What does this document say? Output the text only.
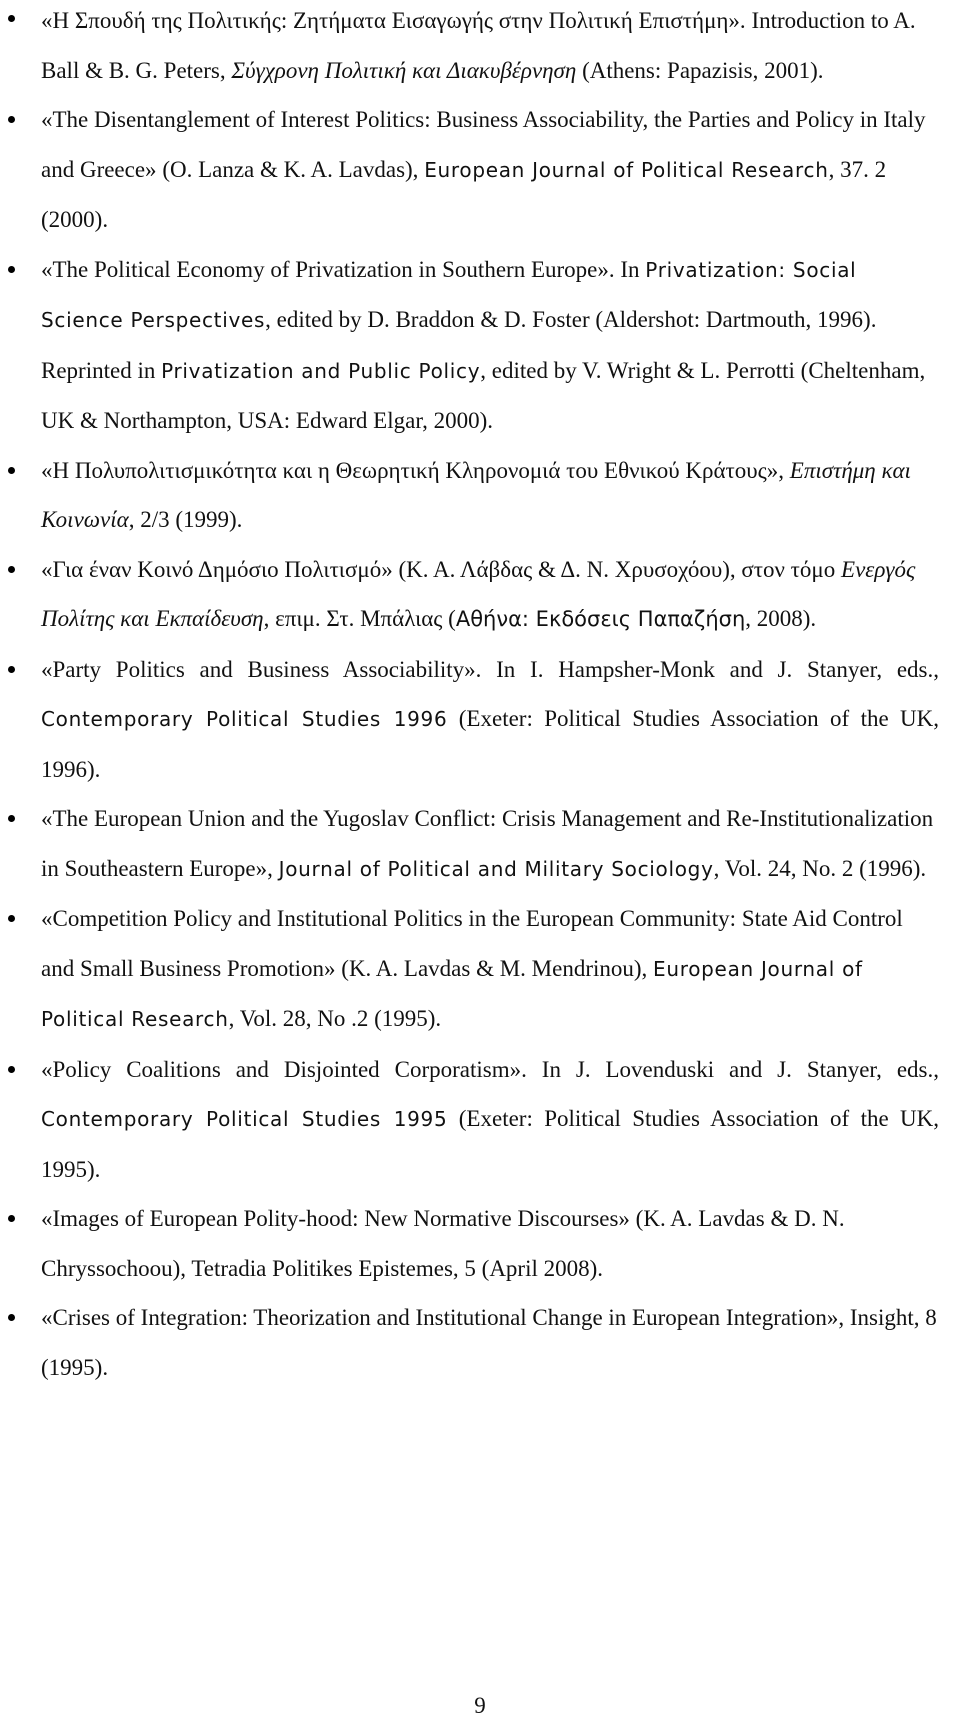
«Η Σπουδή της Πολιτικής: Ζητήματα Εισαγωγής στην Πολιτική Επιστήμη». Introduction to A. Ball & B. G. Peters, Σύγχρονη Πολιτική και Διακυβέρνηση (Athens: Papazisis, 2001).
«The Disentanglement of Interest Politics: Business Associability, the Parties and Policy in Italy and Greece» (O. Lanza & K. A. Lavdas), European Journal of Political Research, 37. 2 (2000).
«The Political Economy of Privatization in Southern Europe». In Privatization: Social Science Perspectives, edited by D. Braddon & D. Foster (Aldershot: Dartmouth, 1996). Reprinted in Privatization and Public Policy, edited by V. Wright & L. Perrotti (Cheltenham, UK & Northampton, USA: Edward Elgar, 2000).
«Η Πολυπολιτισμικότητα και η Θεωρητική Κληρονομιά του Εθνικού Κράτους», Επιστήμη και Κοινωνία, 2/3 (1999).
«Για έναν Κοινό Δημόσιο Πολιτισμό» (Κ. Α. Λάβδας & Δ. Ν. Χρυσοχόου), στον τόμο Ενεργός Πολίτης και Εκπαίδευση, επιμ. Στ. Μπάλιας (Αθήνα: Εκδόσεις Παπαζήση, 2008).
«Party Politics and Business Associability». In I. Hampsher-Monk and J. Stanyer, eds., Contemporary Political Studies 1996 (Exeter: Political Studies Association of the UK, 1996).
«The European Union and the Yugoslav Conflict: Crisis Management and Re-Institutionalization in Southeastern Europe», Journal of Political and Military Sociology, Vol. 24, No. 2 (1996).
«Competition Policy and Institutional Politics in the European Community: State Aid Control and Small Business Promotion» (K. A. Lavdas & M. Mendrinou), European Journal of Political Research, Vol. 28, No .2 (1995).
«Policy Coalitions and Disjointed Corporatism». In J. Lovenduski and J. Stanyer, eds., Contemporary Political Studies 1995 (Exeter: Political Studies Association of the UK, 1995).
«Images of European Polity-hood: New Normative Discourses» (K. A. Lavdas & D. N. Chryssochoou), Tetradia Politikes Epistemes, 5 (April 2008).
«Crises of Integration: Theorization and Institutional Change in European Integration», Insight, 8 (1995).
9
